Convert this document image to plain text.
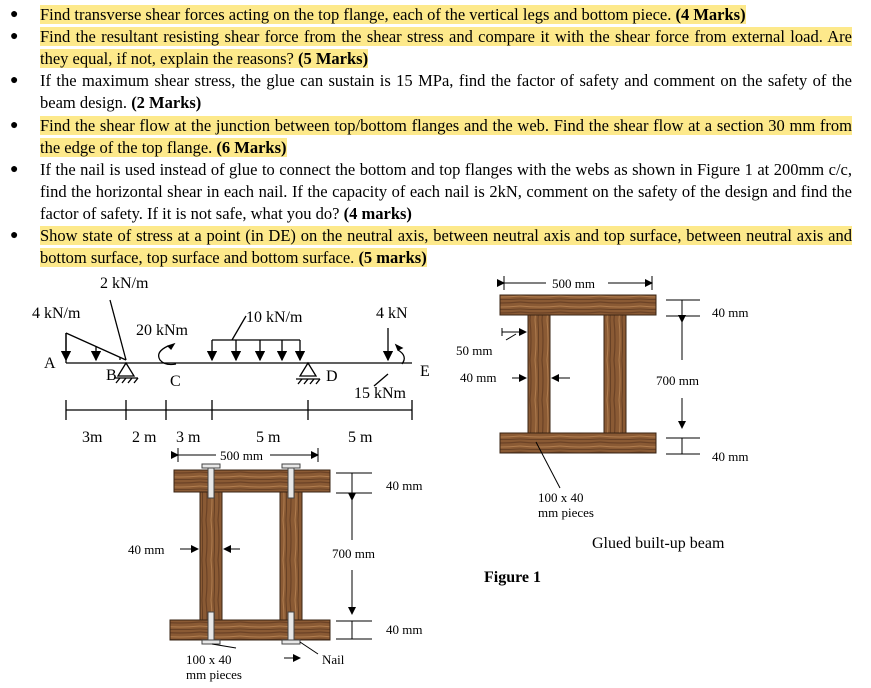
● Find transverse shear forces acting on the top flange, each of the vertical legs and bottom piece. (4 Marks)
● Find the resultant resisting shear force from the shear stress and compare it with the shear force from external load. Are they equal, if not, explain the reasons? (5 Marks)
● If the maximum shear stress, the glue can sustain is 15 MPa, find the factor of safety and comment on the safety of the beam design. (2 Marks)
● Find the shear flow at the junction between top/bottom flanges and the web. Find the shear flow at a section 30 mm from the edge of the top flange. (6 Marks)
● If the nail is used instead of glue to connect the bottom and top flanges with the webs as shown in Figure 1 at 200mm c/c, find the horizontal shear in each nail. If the capacity of each nail is 2kN, comment on the safety of the design and find the factor of safety. If it is not safe, what you do? (4 marks)
● Show state of stress at a point (in DE) on the neutral axis, between neutral axis and top surface, between neutral axis and bottom surface, top surface and bottom surface. (5 marks)
2 kN/m
4 kN/m
20 kNm
10 kN/m	4 kN
15 kNm
A
B	C	D	E
3m 2 m 3 m	5 m	5 m
500 mm
40 mm
50 mm
40 mm	700 mm
40 mm
100 x 40 mm pieces
Glued built-up beam
Figure 1
500 mm
40 mm
40 mm	700 mm
40 mm
100 x 40 mm pieces
Nail
